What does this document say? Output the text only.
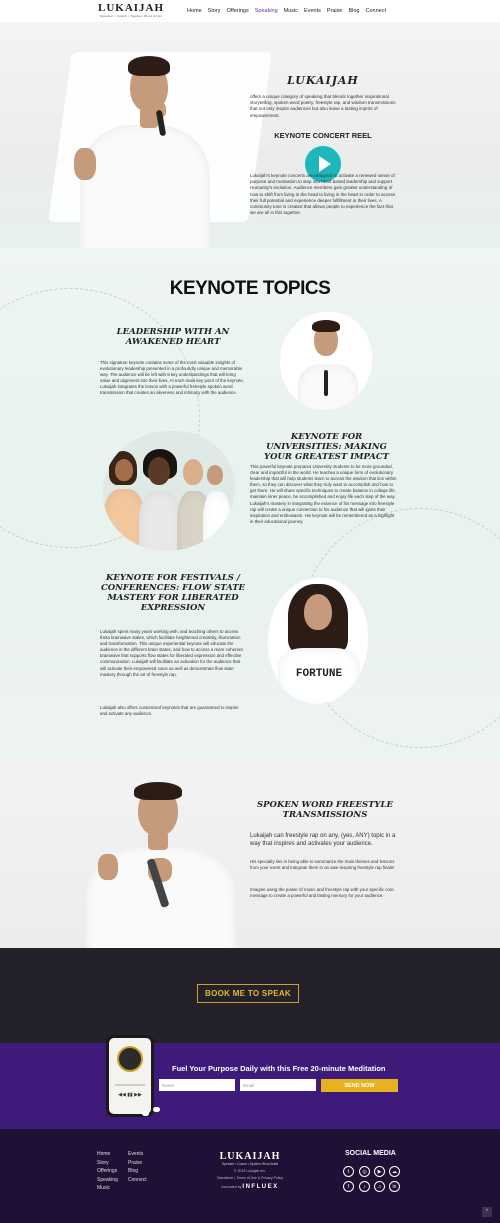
LUKAIJAH
Speaker • Coach • Spoken Word Artist
Home Story Offerings Speaking Music Events Praise Blog Connect
LUKAIJAH
offers a unique category of speaking that blends together inspirational storytelling, spoken word poetry, freestyle rap, and wisdom transmissions that not only inspire audiences but also leave a lasting imprint of empowerment.
KEYNOTE CONCERT REEL
Lukaijah's keynote concerts are designed to activate a renewed sense of purpose and motivation to step into heart based leadership and support Humanity's evolution. Audience members gain greater understanding of how to shift from living in the head to living in the heart in order to access their full potential and experience deeper fulfillment in their lives. A community tone is created that allows people to experience the fact that we are all in this together.
KEYNOTE TOPICS
LEADERSHIP WITH AN AWAKENED HEART
This signature keynote contains some of the most valuable insights of evolutionary leadership presented in a profoundly unique and memorable way. The audience will be left with 5 key understandings that will bring value and alignment into their lives. At each main key point of the keynote, Lukaijah integrates the lesson with a powerful freestyle spoken word transmission that creates an aliveness and intimacy with the audience.
KEYNOTE FOR UNIVERSITIES: MAKING YOUR GREATEST IMPACT
This powerful keynote prepares University students to be more grounded, clear and impactful in the world. He teaches a unique form of evolutionary leadership that will help students learn to access the wisdom that lies within them, so they can discover what they truly want to accomplish and how to get there. He will share specific techniques to create balance in college life, maintain inner peace, be accomplished and enjoy life each step of the way. Lukaijah's mastery in integrating the essence of his message into freestyle rap will create a unique connection to his audience that will ignite their inspiration and enthusiasm. His keynote will be remembered as a highlight in their educational journey.
KEYNOTE FOR FESTIVALS / CONFERENCES: FLOW STATE MASTERY FOR LIBERATED EXPRESSION
Lukaijah spent many years working with, and teaching others to access theta brainwave states, which facilitate heightened creativity, illumination and transformation. This unique experiential keynote will educate the audience in the different brain states, and how to access a more coherent brainwave that supports flow states for liberated expression and effective communication. Lukaijah will facilitate an activation for the audience that will activate their empowered voice as well as demonstrate flow state mastery through the art of freestyle rap.
Lukaijah also offers customized keynotes that are guaranteed to inspire and activate any audience.
FORTUNE
SPOKEN WORD FREESTYLE TRANSMISSIONS
Lukaijah can freestyle rap on any, (yes, ANY) topic in a way that inspires and activates your audience.
His specialty lies in being able to summarize the main themes and lessons from your event and integrate them in an awe-inspiring freestyle rap finale!
Imagine using the power of music and freestyle rap with your specific core message to create a powerful and lasting memory for your audience.
BOOK ME TO SPEAK
◀◀ ▮▮ ▶▶
Fuel Your Purpose Daily with this Free 20-minute Meditation
Name	Email	SEND NOW
Home
Story
Offerings
Speaking
Music
Events
Praise
Blog
Connect
LUKAIJAH
Speaker • Coach • Spoken Word Artist
© 2019 Lukaijah Inc.
Disclaimer | Terms of Use & Privacy Policy
Innovated by INFLUEX
SOCIAL MEDIA
t	◎	▶	☁
f	♪	♫	in
^
